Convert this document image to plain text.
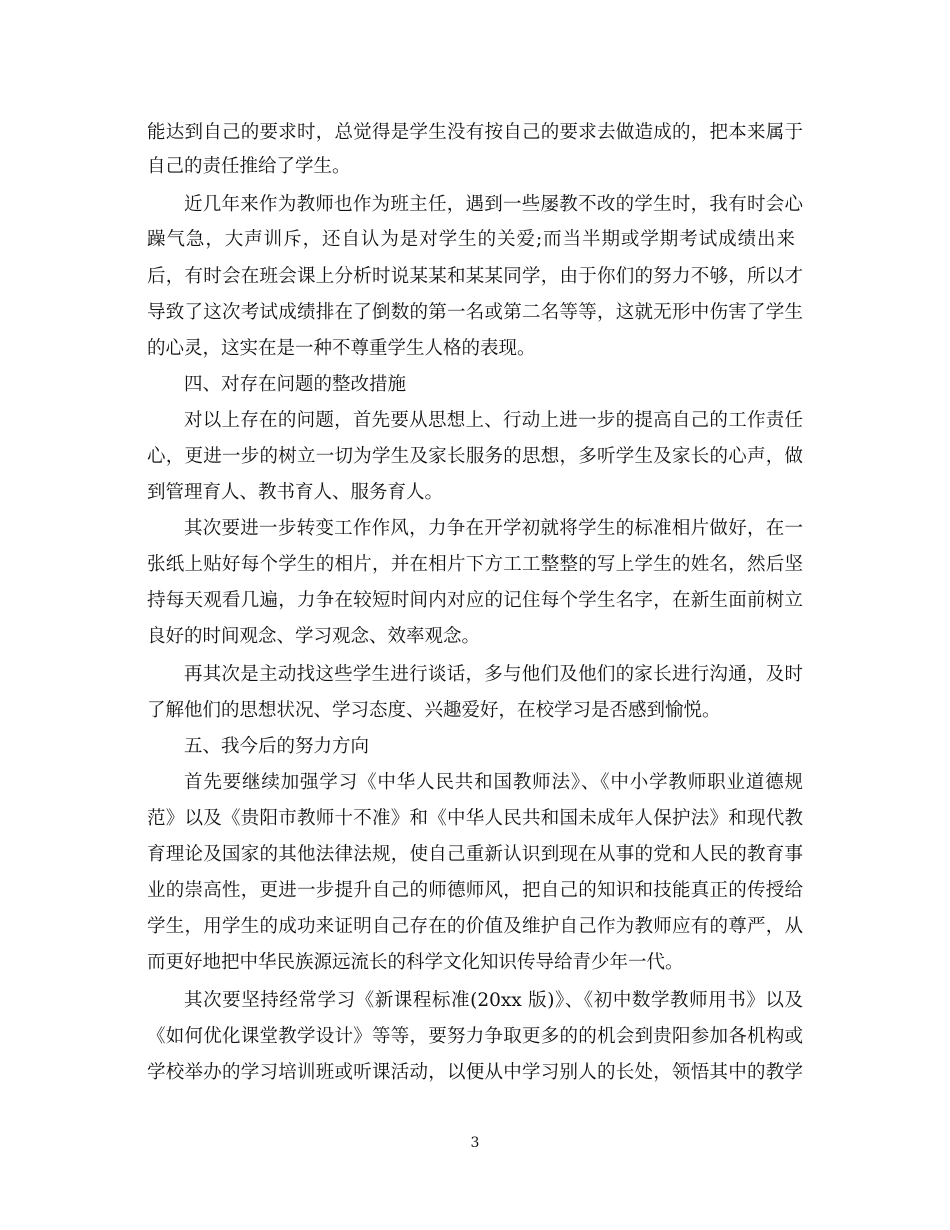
能达到自己的要求时，总觉得是学生没有按自己的要求去做造成的，把本来属于
自己的责任推给了学生。
近几年来作为教师也作为班主任，遇到一些屡教不改的学生时，我有时会心
躁气急，大声训斥，还自认为是对学生的关爱;而当半期或学期考试成绩出来
后，有时会在班会课上分析时说某某和某某同学，由于你们的努力不够，所以才
导致了这次考试成绩排在了倒数的第一名或第二名等等，这就无形中伤害了学生
的心灵，这实在是一种不尊重学生人格的表现。
四、对存在问题的整改措施
对以上存在的问题，首先要从思想上、行动上进一步的提高自己的工作责任
心，更进一步的树立一切为学生及家长服务的思想，多听学生及家长的心声，做
到管理育人、教书育人、服务育人。
其次要进一步转变工作作风，力争在开学初就将学生的标准相片做好，在一
张纸上贴好每个学生的相片，并在相片下方工工整整的写上学生的姓名，然后坚
持每天观看几遍，力争在较短时间内对应的记住每个学生名字，在新生面前树立
良好的时间观念、学习观念、效率观念。
再其次是主动找这些学生进行谈话，多与他们及他们的家长进行沟通，及时
了解他们的思想状况、学习态度、兴趣爱好，在校学习是否感到愉悦。
五、我今后的努力方向
首先要继续加强学习《中华人民共和国教师法》、《中小学教师职业道德规
范》以及《贵阳市教师十不准》和《中华人民共和国未成年人保护法》和现代教
育理论及国家的其他法律法规，使自己重新认识到现在从事的党和人民的教育事
业的崇高性，更进一步提升自己的师德师风，把自己的知识和技能真正的传授给
学生，用学生的成功来证明自己存在的价值及维护自己作为教师应有的尊严，从
而更好地把中华民族源远流长的科学文化知识传导给青少年一代。
其次要坚持经常学习《新课程标准(20xx 版)》、《初中数学教师用书》以及
《如何优化课堂教学设计》等等，要努力争取更多的的机会到贵阳参加各机构或
学校举办的学习培训班或听课活动，以便从中学习别人的长处，领悟其中的教学
3
